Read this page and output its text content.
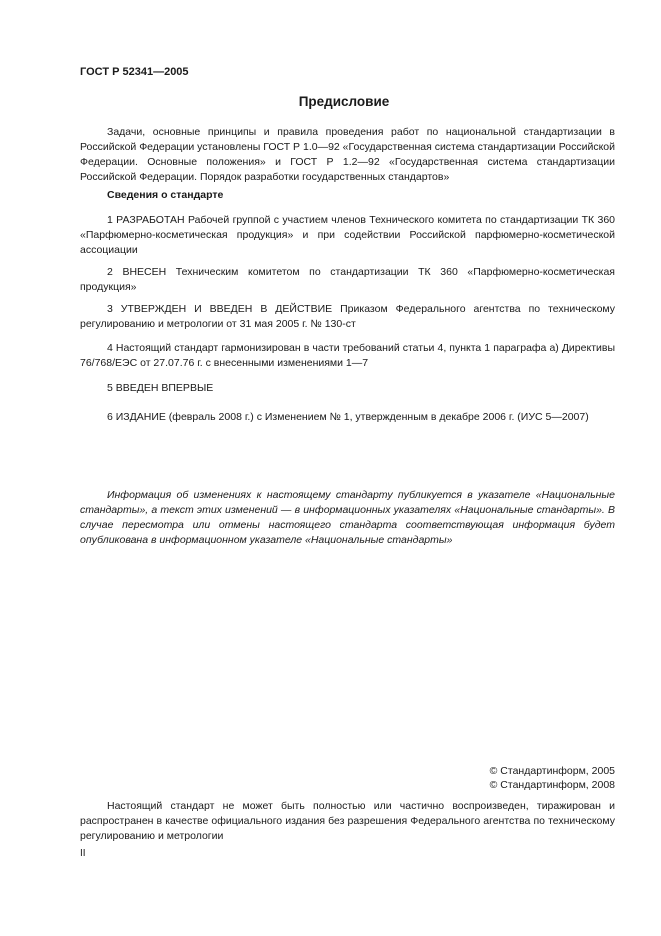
ГОСТ Р 52341—2005
Предисловие

Задачи, основные принципы и правила проведения работ по национальной стандартизации в Российской Федерации установлены ГОСТ Р 1.0—92 «Государственная система стандартизации Российской Федерации. Основные положения» и ГОСТ Р 1.2—92 «Государственная система стандартизации Российской Федерации. Порядок разработки государственных стандартов»

Сведения о стандарте

1 РАЗРАБОТАН Рабочей группой с участием членов Технического комитета по стандартизации ТК 360 «Парфюмерно-косметическая продукция» и при содействии Российской парфюмерно-косметической ассоциации

2 ВНЕСЕН Техническим комитетом по стандартизации ТК 360 «Парфюмерно-косметическая продукция»

3 УТВЕРЖДЕН И ВВЕДЕН В ДЕЙСТВИЕ Приказом Федерального агентства по техническому регулированию и метрологии от 31 мая 2005 г. № 130-ст

4 Настоящий стандарт гармонизирован в части требований статьи 4, пункта 1 параграфа а) Директивы 76/768/ЕЭС от 27.07.76 г. с внесенными изменениями 1—7

5 ВВЕДЕН ВПЕРВЫЕ

6 ИЗДАНИЕ (февраль 2008 г.) с Изменением № 1, утвержденным в декабре 2006 г. (ИУС 5—2007)

Информация об изменениях к настоящему стандарту публикуется в указателе «Национальные стандарты», а текст этих изменений — в информационных указателях «Национальные стандарты». В случае пересмотра или отмены настоящего стандарта соответствующая информация будет опубликована в информационном указателе «Национальные стандарты»

© Стандартинформ, 2005
© Стандартинформ, 2008

Настоящий стандарт не может быть полностью или частично воспроизведен, тиражирован и распространен в качестве официального издания без разрешения Федерального агентства по техническому регулированию и метрологии

II
